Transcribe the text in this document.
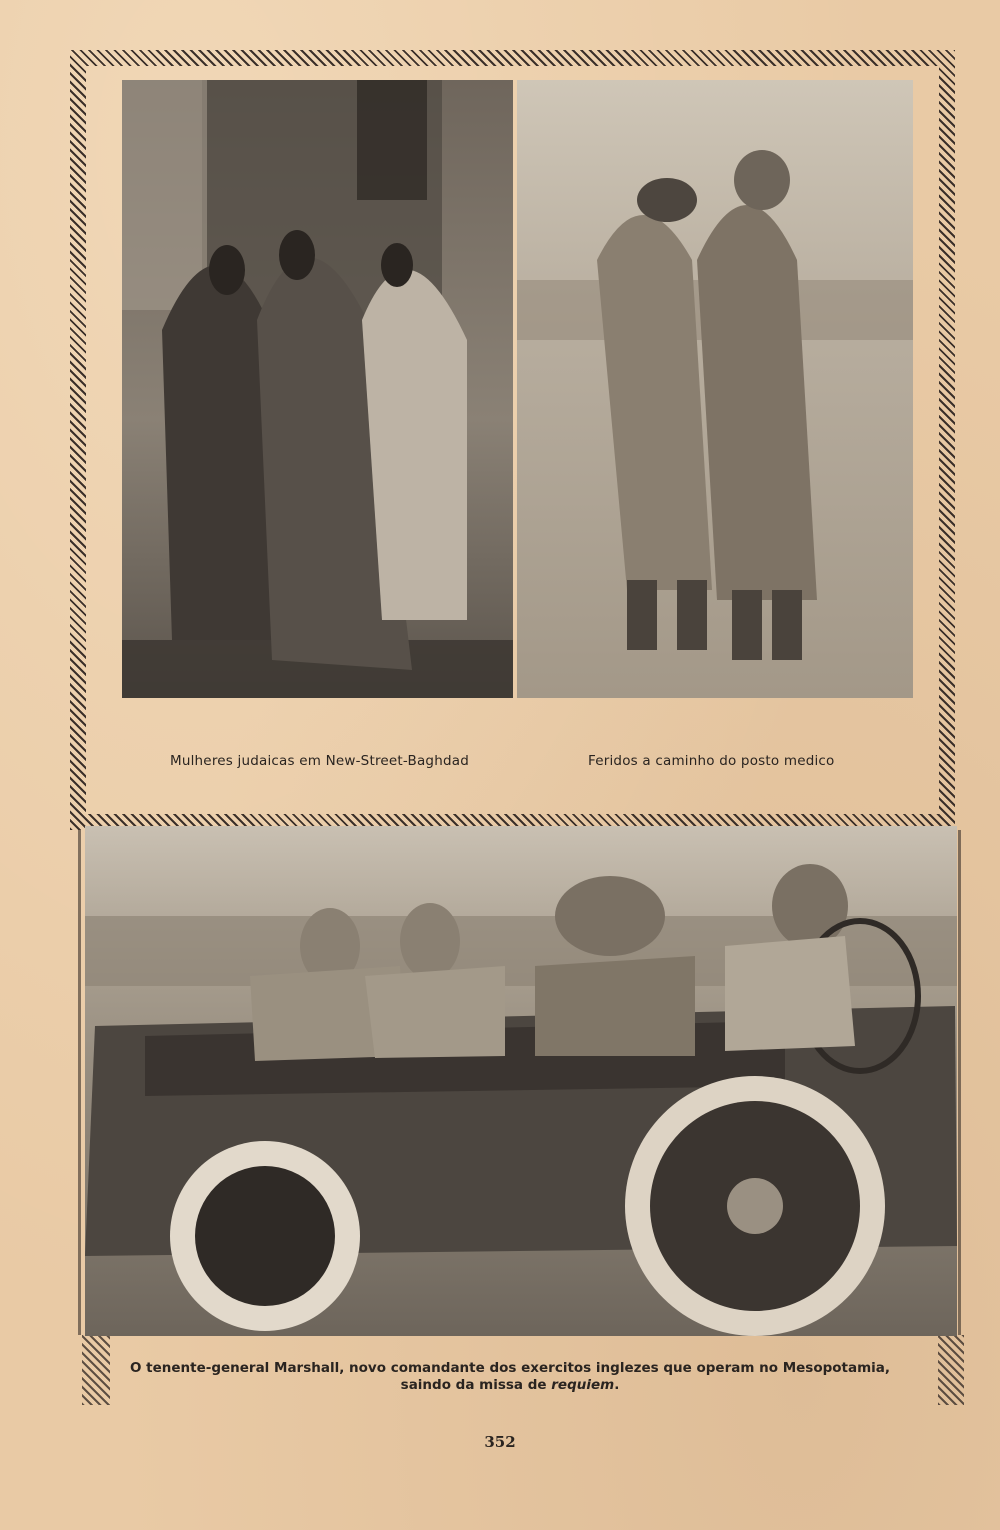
Mulheres judaicas em New-Street-Baghdad	Feridos a caminho do posto medico
O tenente-general Marshall, novo comandante dos exercitos inglezes que operam no Mesopotamia,
saindo da missa de requiem.
352
